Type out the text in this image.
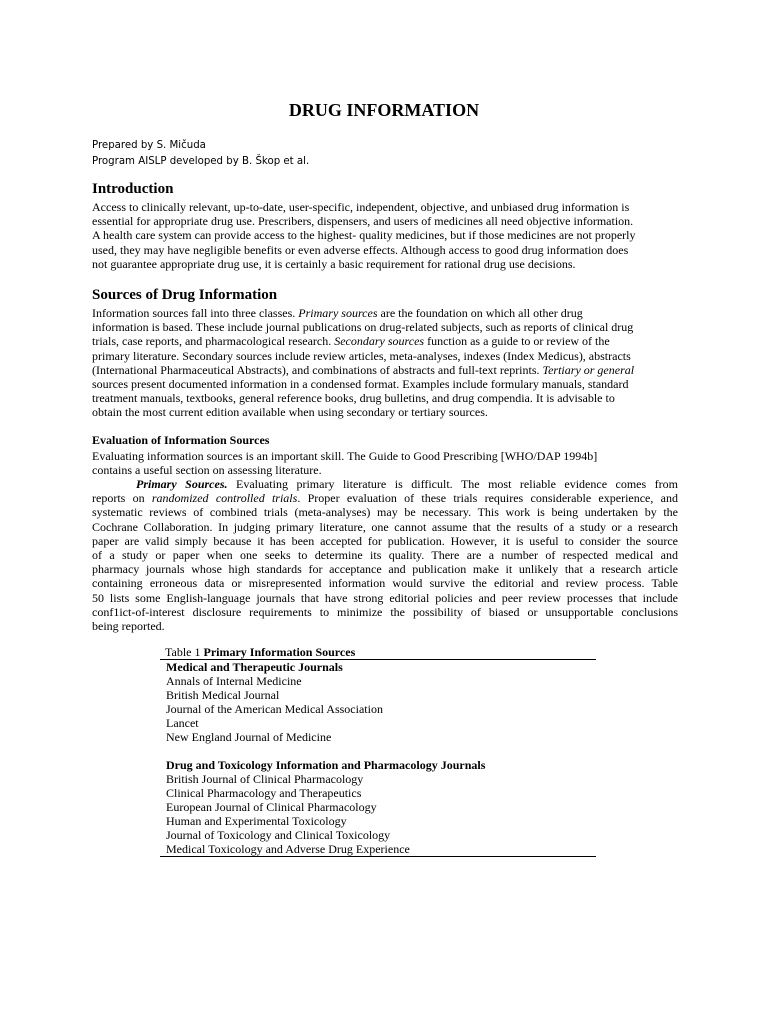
DRUG INFORMATION
Prepared by S. Mičuda
Program AISLP developed by B. Škop et al.
Introduction
Access to clinically relevant, up-to-date, user-specific, independent, objective, and unbiased drug information is
essential for appropriate drug use. Prescribers, dispensers, and users of medicines all need objective information.
A health care system can provide access to the highest- quality medicines, but if those medicines are not properly
used, they may have negligible benefits or even adverse effects. Although access to good drug information does
not guarantee appropriate drug use, it is certainly a basic requirement for rational drug use decisions.
Sources of Drug Information
Information sources fall into three classes. Primary sources are the foundation on which all other drug
information is based. These include journal publications on drug-related subjects, such as reports of clinical drug
trials, case reports, and pharmacological research. Secondary sources function as a guide to or review of the
primary literature. Secondary sources include review articles, meta-analyses, indexes (Index Medicus), abstracts
(International Pharmaceutical Abstracts), and combinations of abstracts and full-text reprints. Tertiary or general
sources present documented information in a condensed format. Examples include formulary manuals, standard
treatment manuals, textbooks, general reference books, drug bulletins, and drug compendia. It is advisable to
obtain the most current edition available when using secondary or tertiary sources.
Evaluation of Information Sources
Evaluating information sources is an important skill. The Guide to Good Prescribing [WHO/DAP 1994b]
contains a useful section on assessing literature.
Primary Sources. Evaluating primary literature is difficult. The most reliable evidence comes from
reports on randomized controlled trials. Proper evaluation of these trials requires considerable experience, and
systematic reviews of combined trials (meta-analyses) may be necessary. This work is being undertaken by the
Cochrane Collaboration. In judging primary literature, one cannot assume that the results of a study or a research
paper are valid simply because it has been accepted for publication. However, it is useful to consider the source
of a study or paper when one seeks to determine its quality. There are a number of respected medical and
pharmacy journals whose high standards for acceptance and publication make it unlikely that a research article
containing erroneous data or misrepresented information would survive the editorial and review process. Table
50 lists some English-language journals that have strong editorial policies and peer review processes that include
conf1ict-of-interest disclosure requirements to minimize the possibility of biased or unsupportable conclusions
being reported.
Table 1 Primary Information Sources
Medical and Therapeutic Journals
Annals of Internal Medicine
British Medical Journal
Journal of the American Medical Association
Lancet
New England Journal of Medicine
Drug and Toxicology Information and Pharmacology Journals
British Journal of Clinical Pharmacology
Clinical Pharmacology and Therapeutics
European Journal of Clinical Pharmacology
Human and Experimental Toxicology
Journal of Toxicology and Clinical Toxicology
Medical Toxicology and Adverse Drug Experience
